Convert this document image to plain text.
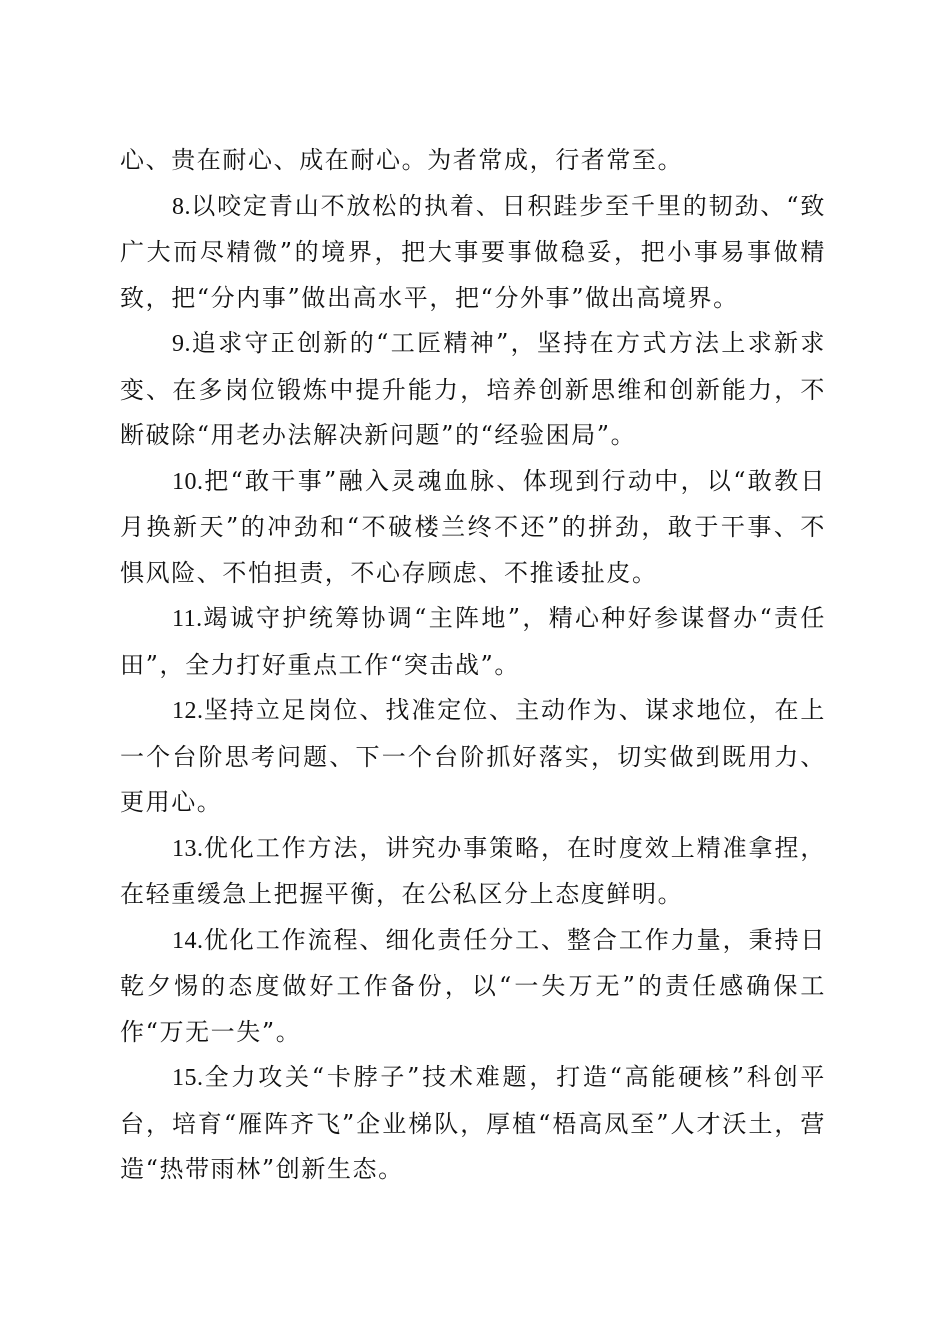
心、贵在耐心、成在耐心。为者常成，行者常至。

8.以咬定青山不放松的执着、日积跬步至千里的韧劲、“致广大而尽精微”的境界，把大事要事做稳妥，把小事易事做精致，把“分内事”做出高水平，把“分外事”做出高境界。

9.追求守正创新的“工匠精神”，坚持在方式方法上求新求变、在多岗位锻炼中提升能力，培养创新思维和创新能力，不断破除“用老办法解决新问题”的“经验困局”。

10.把“敢干事”融入灵魂血脉、体现到行动中，以“敢教日月换新天”的冲劲和“不破楼兰终不还”的拼劲，敢于干事、不惧风险、不怕担责，不心存顾虑、不推诿扯皮。

11.竭诚守护统筹协调“主阵地”，精心种好参谋督办“责任田”，全力打好重点工作“突击战”。

12.坚持立足岗位、找准定位、主动作为、谋求地位，在上一个台阶思考问题、下一个台阶抓好落实，切实做到既用力、更用心。

13.优化工作方法，讲究办事策略，在时度效上精准拿捏，在轻重缓急上把握平衡，在公私区分上态度鲜明。

14.优化工作流程、细化责任分工、整合工作力量，秉持日乾夕惕的态度做好工作备份，以“一失万无”的责任感确保工作“万无一失”。

15.全力攻关“卡脖子”技术难题，打造“高能硬核”科创平台，培育“雁阵齐飞”企业梯队，厚植“梧高凤至”人才沃土，营造“热带雨林”创新生态。
